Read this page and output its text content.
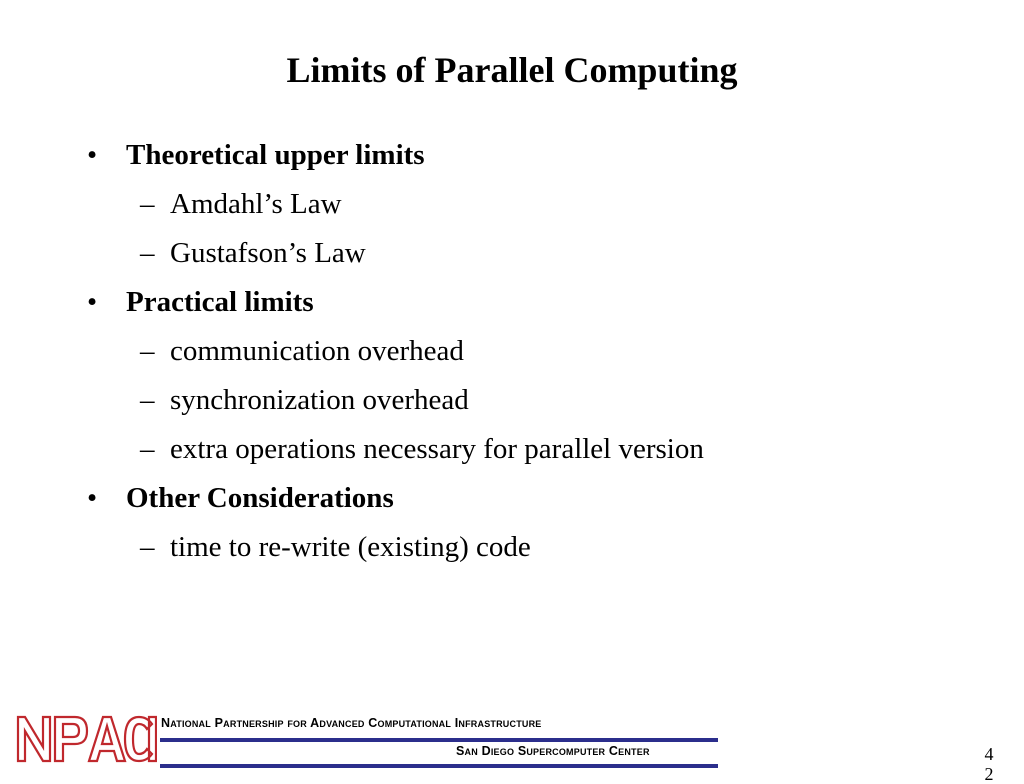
Limits of Parallel Computing
• Theoretical upper limits
– Amdahl’s Law
– Gustafson’s Law
• Practical limits
– communication overhead
– synchronization overhead
– extra operations necessary for parallel version
• Other Considerations
– time to re-write (existing) code
National Partnership for Advanced Computational Infrastructure
San Diego Supercomputer Center	42
